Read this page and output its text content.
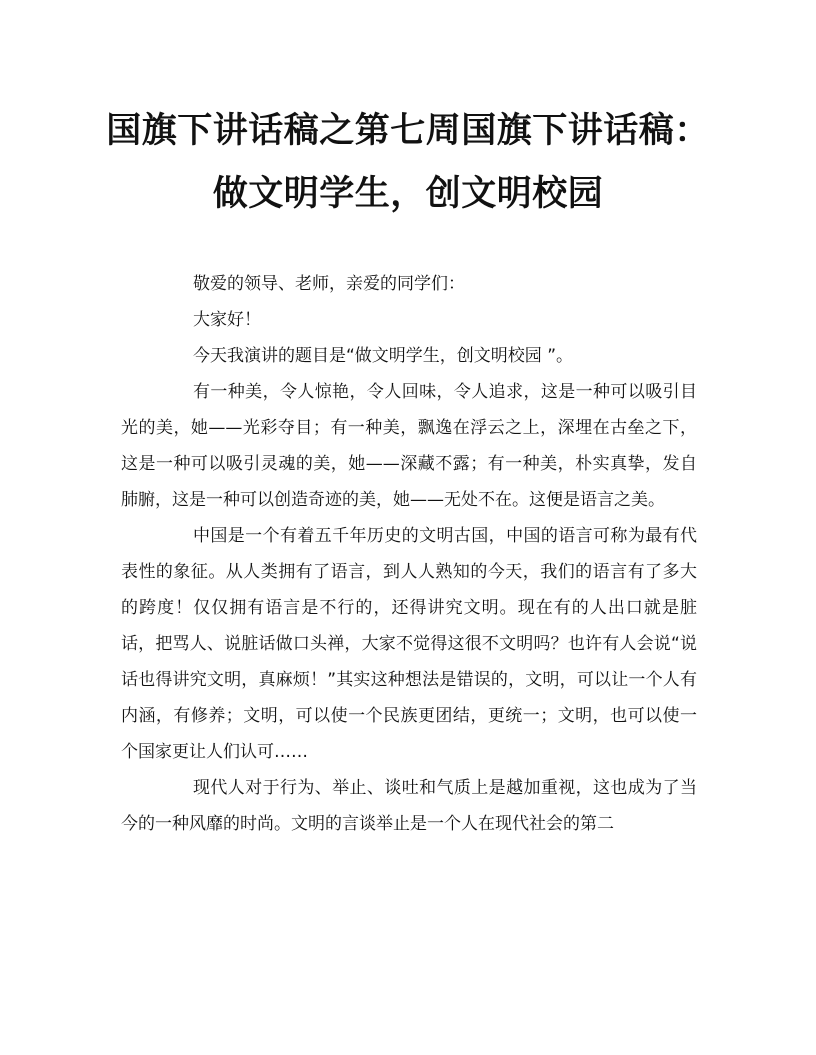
国旗下讲话稿之第七周国旗下讲话稿：
做文明学生，创文明校园

敬爱的领导、老师，亲爱的同学们：

大家好！

今天我演讲的题目是“做文明学生，创文明校园 ”。

有一种美，令人惊艳，令人回味，令人追求，这是一种可以吸引目光的美，她——光彩夺目；有一种美，飘逸在浮云之上，深埋在古垒之下，这是一种可以吸引灵魂的美，她——深藏不露；有一种美，朴实真挚，发自肺腑，这是一种可以创造奇迹的美，她——无处不在。这便是语言之美。

中国是一个有着五千年历史的文明古国，中国的语言可称为最有代表性的象征。从人类拥有了语言，到人人熟知的今天，我们的语言有了多大的跨度！仅仅拥有语言是不行的，还得讲究文明。现在有的人出口就是脏话，把骂人、说脏话做口头禅，大家不觉得这很不文明吗？也许有人会说“说话也得讲究文明，真麻烦！”其实这种想法是错误的，文明，可以让一个人有内涵，有修养；文明，可以使一个民族更团结，更统一；文明，也可以使一个国家更让人们认可……

现代人对于行为、举止、谈吐和气质上是越加重视，这也成为了当今的一种风靡的时尚。文明的言谈举止是一个人在现代社会的第二
